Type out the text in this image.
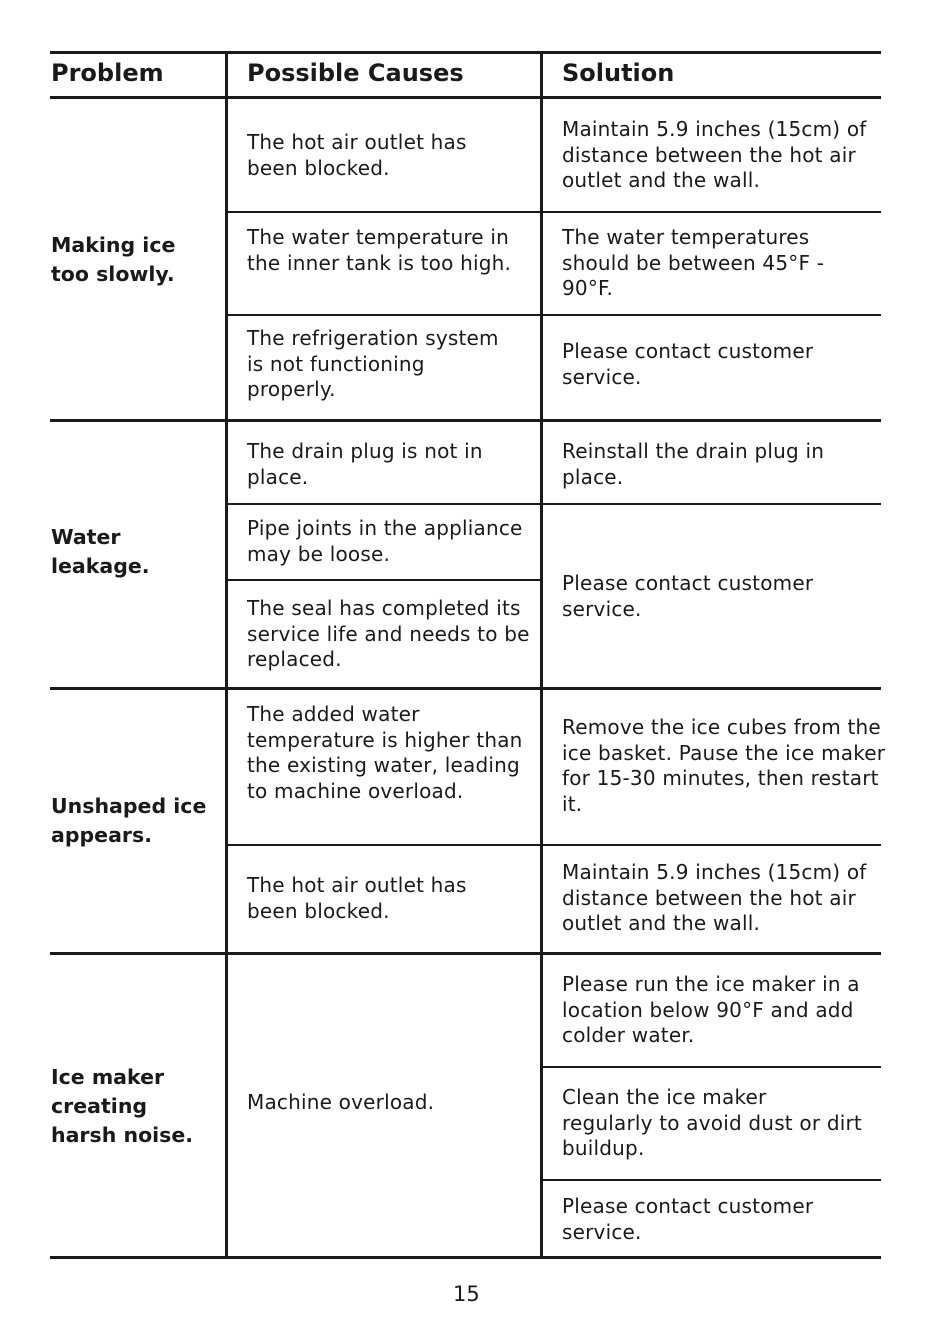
Problem	Possible Causes	Solution
Making ice too slowly.
The hot air outlet has been blocked.
The water temperature in the inner tank is too high.
The refrigeration system is not functioning properly.
Maintain 5.9 inches (15cm) of distance between the hot air outlet and the wall.
The water temperatures should be between 45°F - 90°F.
Please contact customer service.
Water leakage.
The drain plug is not in place.
Pipe joints in the appliance may be loose.
The seal has completed its service life and needs to be replaced.
Reinstall the drain plug in place.
Please contact customer service.
Unshaped ice appears.
The added water temperature is higher than the existing water, leading to machine overload.
The hot air outlet has been blocked.
Remove the ice cubes from the ice basket. Pause the ice maker for 15-30 minutes, then restart it.
Maintain 5.9 inches (15cm) of distance between the hot air outlet and the wall.
Ice maker creating harsh noise.
Machine overload.
Please run the ice maker in a location below 90°F and add colder water.
Clean the ice maker regularly to avoid dust or dirt buildup.
Please contact customer service.
15
